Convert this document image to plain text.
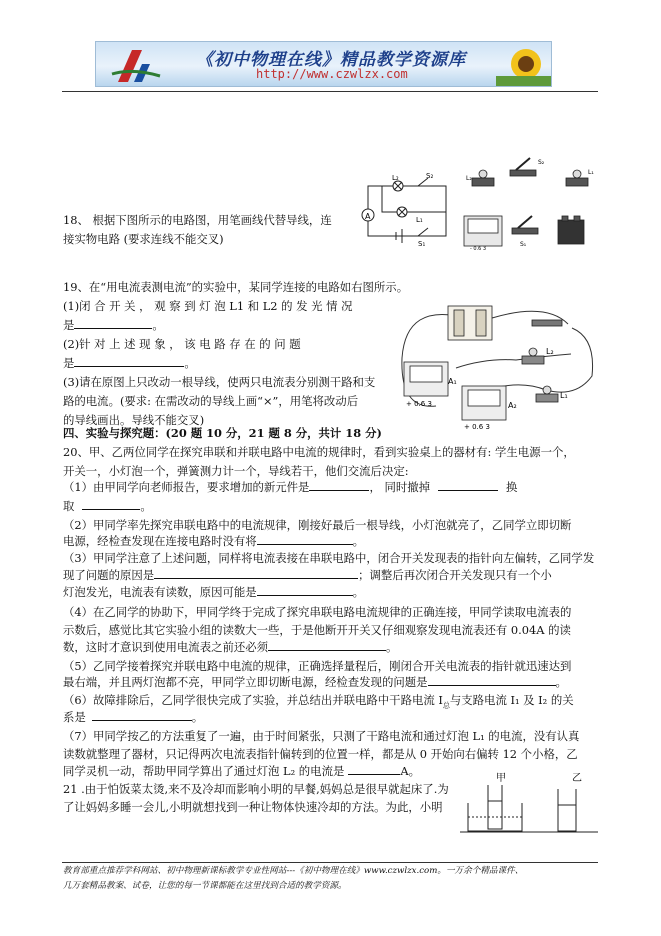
《初中物理在线》精品教学资源库
http://www.czwlzx.com
18、 根据下图所示的电路图，用笔画线代替导线，连
接实物电路 (要求连线不能交叉)
A
L₂	S₂
L₁
S₁
L₂
S₂
L₁
S₁
- 0.6 3
19、在“用电流表测电流”的实验中，某同学连接的电路如右图所示。
(1)闭 合 开 关 ， 观 察 到 灯 泡 L1 和 L2 的 发 光 情 况
是	。
(2)针 对 上 述 现 象 ， 该 电 路 存 在 的 问 题
是	。
(3)请在原图上只改动一根导线，使两只电流表分别测干路和支
路的电流。(要求: 在需改动的导线上画“×”，用笔将改动后
的导线画出。导线不能交叉)
A₁
A₂
L₂
L₁
+ 0.6 3
+ 0.6 3
四、实验与探究题：(20 题 10 分，21 题 8 分，共计 18 分)
20、甲、乙两位同学在探究串联和并联电路中电流的规律时，看到实验桌上的器材有: 学生电源一个，
开关一，小灯泡一个，弹簧测力计一个，导线若干，他们交流后决定:
（1）由甲同学向老师报告，要求增加的新元件是	， 同时撤掉	换
取	。
（2）甲同学率先探究串联电路中的电流规律，刚接好最后一根导线，小灯泡就亮了，乙同学立即切断
电源，经检查发现在连接电路时没有将	。
（3）甲同学注意了上述问题，同样将电流表接在串联电路中，闭合开关发现表的指针向左偏转，乙同学发
现了问题的原因是	；调整后再次闭合开关发现只有一个小
灯泡发光，电流表有读数，原因可能是	。
（4）在乙同学的协助下，甲同学终于完成了探究串联电路电流规律的正确连接，甲同学读取电流表的
示数后，感觉比其它实验小组的读数大一些，于是他断开开关又仔细观察发现电流表还有 0.04A 的读
数，这时才意识到使用电流表之前还必须	。
（5）乙同学接着探究并联电路中电流的规律，正确选择量程后，刚闭合开关电流表的指针就迅速达到
最右端，并且两灯泡都不亮，甲同学立即切断电源，经检查发现的问题是	。
（6）故障排除后，乙同学很快完成了实验，并总结出并联电路中干路电流 $I_总$与支路电流 I₁ 及 I₂ 的关
系是	。
（7）甲同学按乙的方法重复了一遍，由于时间紧张，只测了干路电流和通过灯泡 L₁ 的电流，没有认真
读数就整理了器材，只记得两次电流表指针偏转到的位置一样，都是从 0 开始向右偏转 12 个小格，乙
同学灵机一动，帮助甲同学算出了通过灯泡 L₂ 的电流是	A。
21 .由于怕饭菜太烫,来不及冷却而影响小明的早餐,妈妈总是很早就起床了.为
了让妈妈多睡一会儿,小明就想找到一种让物体快速冷却的方法。为此，小明
甲	乙
教育部重点推荐学科网站、初中物理新课标教学专业性网站---《初中物理在线》www.czwlzx.com。一万余个精品课件、
几万套精品教案、试卷，让您的每一节课都能在这里找到合适的教学资源。
